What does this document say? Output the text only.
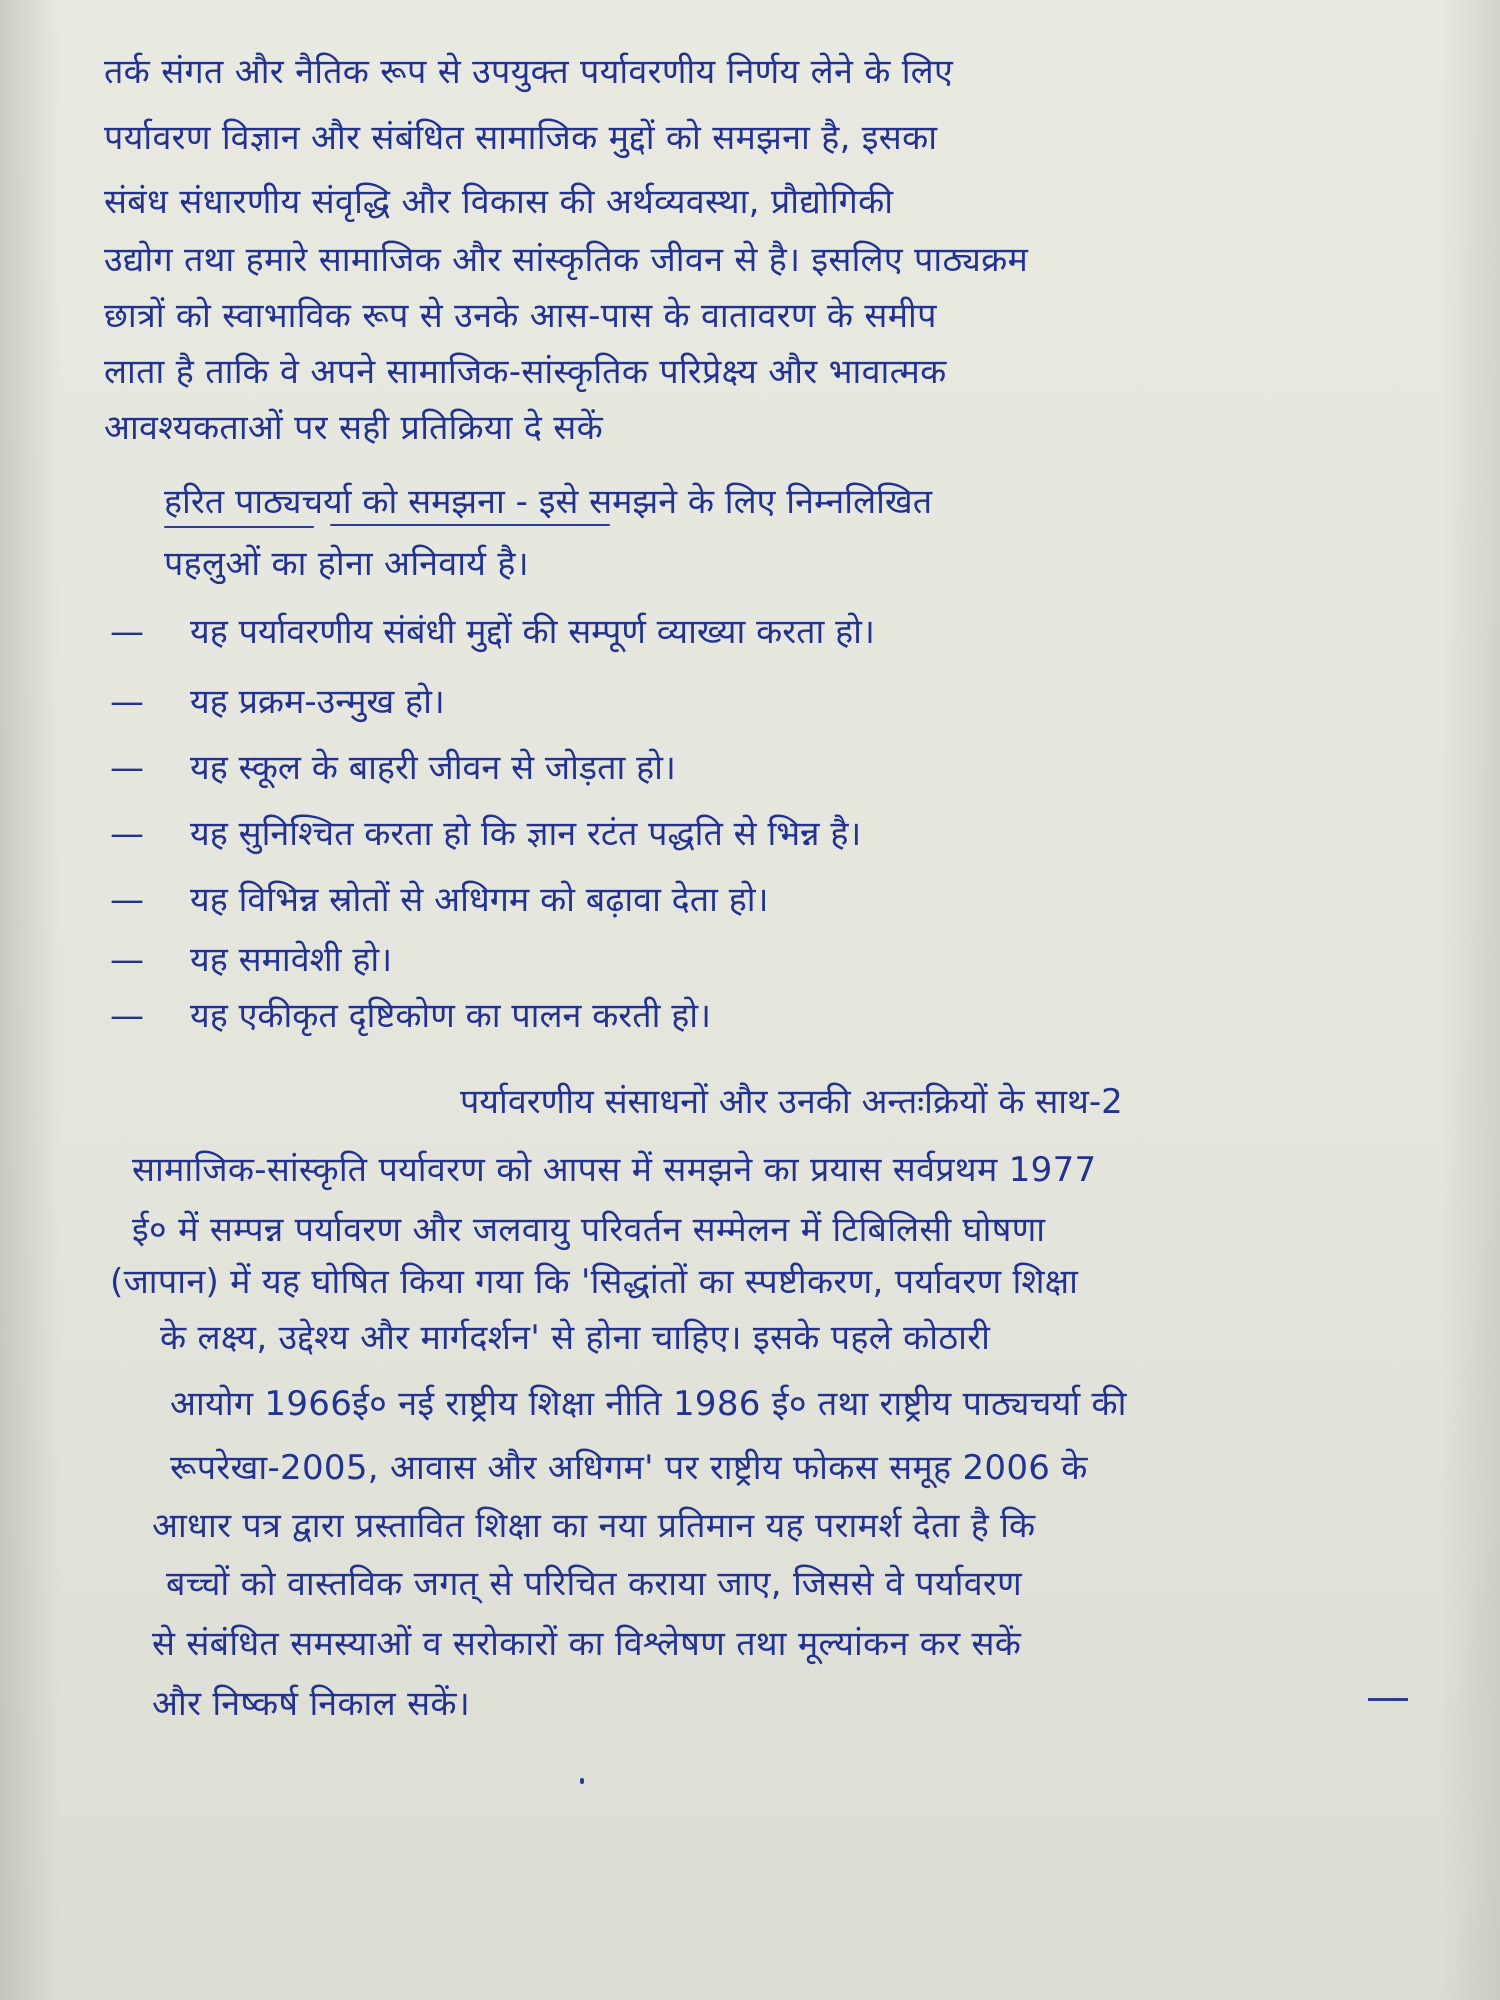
तर्क संगत और नैतिक रूप से उपयुक्त पर्यावरणीय निर्णय लेने के लिए
पर्यावरण विज्ञान और संबंधित सामाजिक मुद्दों को समझना है, इसका
संबंध संधारणीय संवृद्धि और विकास की अर्थव्यवस्था, प्रौद्योगिकी
उद्योग तथा हमारे सामाजिक और सांस्कृतिक जीवन से है। इसलिए पाठ्यक्रम
छात्रों को स्वाभाविक रूप से उनके आस-पास के वातावरण के समीप
लाता है ताकि वे अपने सामाजिक-सांस्कृतिक परिप्रेक्ष्य और भावात्मक
आवश्यकताओं पर सही प्रतिक्रिया दे सकें
हरित पाठ्यचर्या को समझना - इसे समझने के लिए निम्नलिखित
पहलुओं का होना अनिवार्य है।
— यह पर्यावरणीय संबंधी मुद्दों की सम्पूर्ण व्याख्या करता हो।
— यह प्रक्रम-उन्मुख हो।
— यह स्कूल के बाहरी जीवन से जोड़ता हो।
— यह सुनिश्चित करता हो कि ज्ञान रटंत पद्धति से भिन्न है।
— यह विभिन्न स्रोतों से अधिगम को बढ़ावा देता हो।
— यह समावेशी हो।
— यह एकीकृत दृष्टिकोण का पालन करती हो।
पर्यावरणीय संसाधनों और उनकी अन्तःक्रियों के साथ-2
सामाजिक-सांस्कृति पर्यावरण को आपस में समझने का प्रयास सर्वप्रथम 1977
ई० में सम्पन्न पर्यावरण और जलवायु परिवर्तन सम्मेलन में टिबिलिसी घोषणा
(जापान) में यह घोषित किया गया कि 'सिद्धांतों का स्पष्टीकरण, पर्यावरण शिक्षा
के लक्ष्य, उद्देश्य और मार्गदर्शन' से होना चाहिए। इसके पहले कोठारी
आयोग 1966ई० नई राष्ट्रीय शिक्षा नीति 1986 ई० तथा राष्ट्रीय पाठ्यचर्या की
रूपरेखा-2005, आवास और अधिगम' पर राष्ट्रीय फोकस समूह 2006 के
आधार पत्र द्वारा प्रस्तावित शिक्षा का नया प्रतिमान यह परामर्श देता है कि
बच्चों को वास्तविक जगत् से परिचित कराया जाए, जिससे वे पर्यावरण
से संबंधित समस्याओं व सरोकारों का विश्लेषण तथा मूल्यांकन कर सकें
और निष्कर्ष निकाल सकें।
